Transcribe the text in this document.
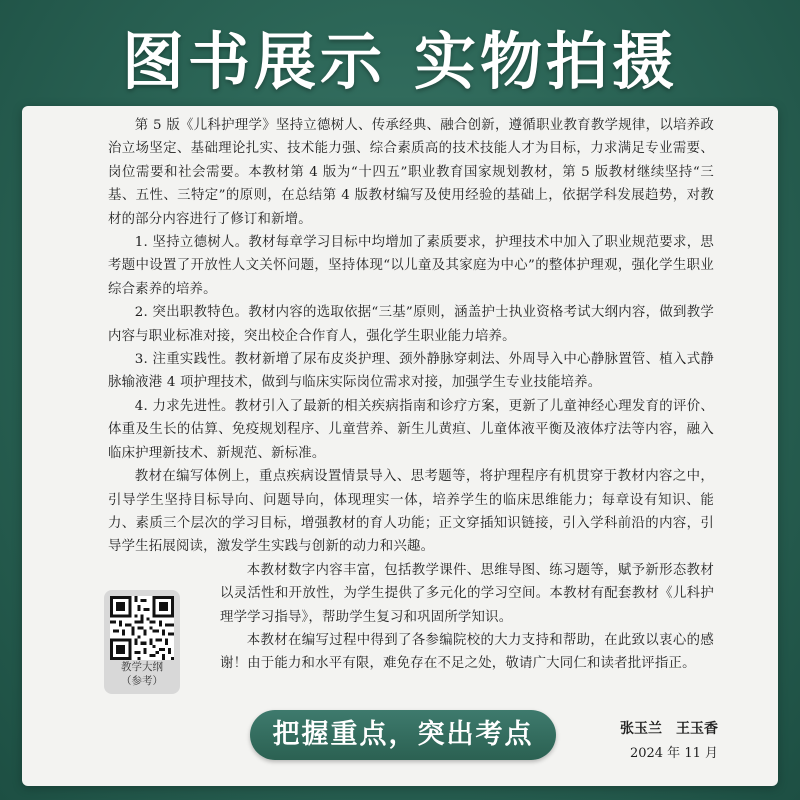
图书展示 实物拍摄

第 5 版《儿科护理学》坚持立德树人、传承经典、融合创新，遵循职业教育教学规律，以培养政治立场坚定、基础理论扎实、技术能力强、综合素质高的技术技能人才为目标，力求满足专业需要、岗位需要和社会需要。本教材第 4 版为“十四五”职业教育国家规划教材，第 5 版教材继续坚持“三基、五性、三特定”的原则，在总结第 4 版教材编写及使用经验的基础上，依据学科发展趋势，对教材的部分内容进行了修订和新增。

1. 坚持立德树人。教材每章学习目标中均增加了素质要求，护理技术中加入了职业规范要求，思考题中设置了开放性人文关怀问题，坚持体现“以儿童及其家庭为中心”的整体护理观，强化学生职业综合素养的培养。

2. 突出职教特色。教材内容的选取依据“三基”原则，涵盖护士执业资格考试大纲内容，做到教学内容与职业标准对接，突出校企合作育人，强化学生职业能力培养。

3. 注重实践性。教材新增了尿布皮炎护理、颈外静脉穿刺法、外周导入中心静脉置管、植入式静脉输液港 4 项护理技术，做到与临床实际岗位需求对接，加强学生专业技能培养。

4. 力求先进性。教材引入了最新的相关疾病指南和诊疗方案，更新了儿童神经心理发育的评价、体重及生长的估算、免疫规划程序、儿童营养、新生儿黄疸、儿童体液平衡及液体疗法等内容，融入临床护理新技术、新规范、新标准。

教材在编写体例上，重点疾病设置情景导入、思考题等，将护理程序有机贯穿于教材内容之中，引导学生坚持目标导向、问题导向，体现理实一体，培养学生的临床思维能力；每章设有知识、能力、素质三个层次的学习目标，增强教材的育人功能；正文穿插知识链接，引入学科前沿的内容，引导学生拓展阅读，激发学生实践与创新的动力和兴趣。

本教材数字内容丰富，包括教学课件、思维导图、练习题等，赋予新形态教材以灵活性和开放性，为学生提供了多元化的学习空间。本教材有配套教材《儿科护理学学习指导》，帮助学生复习和巩固所学知识。

本教材在编写过程中得到了各参编院校的大力支持和帮助，在此致以衷心的感谢！由于能力和水平有限，难免存在不足之处，敬请广大同仁和读者批评指正。

教学大纲
（参考）
把握重点，突出考点	张玉兰　王玉香
2024 年 11 月
